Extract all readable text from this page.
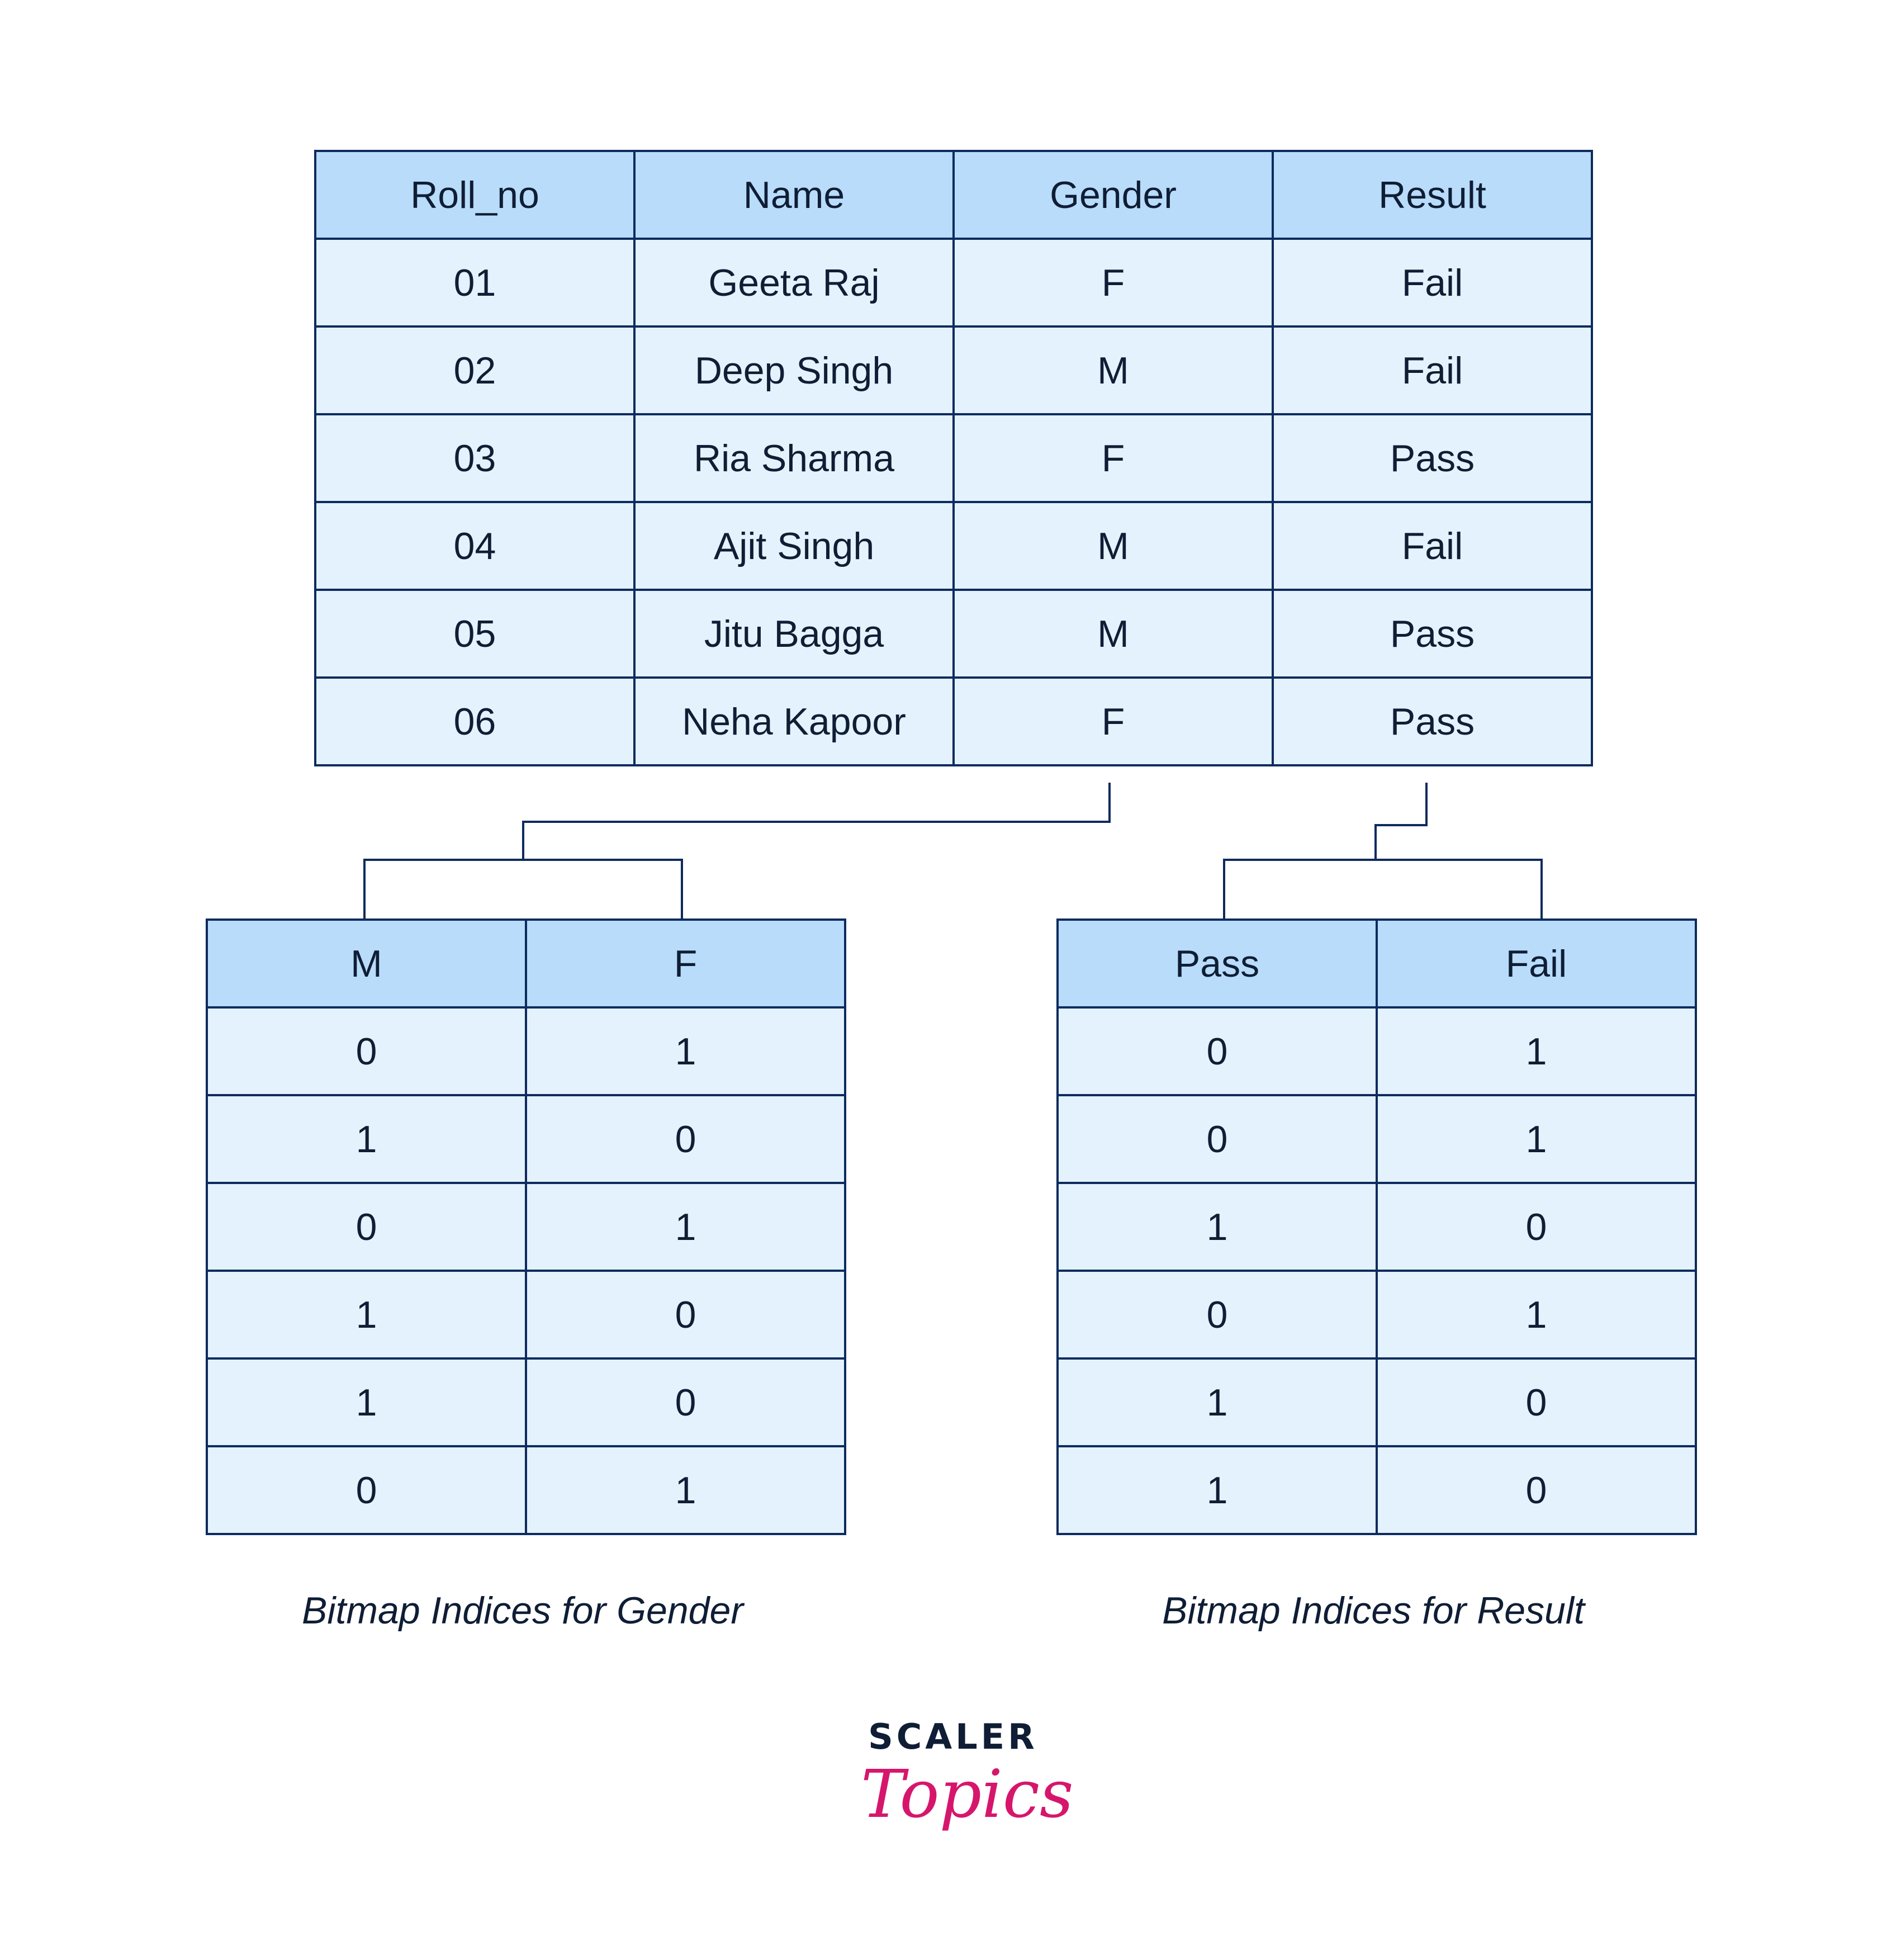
Roll_no	Name	Gender	Result
01	Geeta Raj	F	Fail
02	Deep Singh	M	Fail
03	Ria Sharma	F	Pass
04	Ajit Singh	M	Fail
05	Jitu Bagga	M	Pass
06	Neha Kapoor	F	Pass
M	F
0	1
1	0
0	1
1	0
1	0
0	1
Pass	Fail
0	1
0	1
1	0
0	1
1	0
1	0
Bitmap Indices for Gender	Bitmap Indices for Result
SCALER
Topics
